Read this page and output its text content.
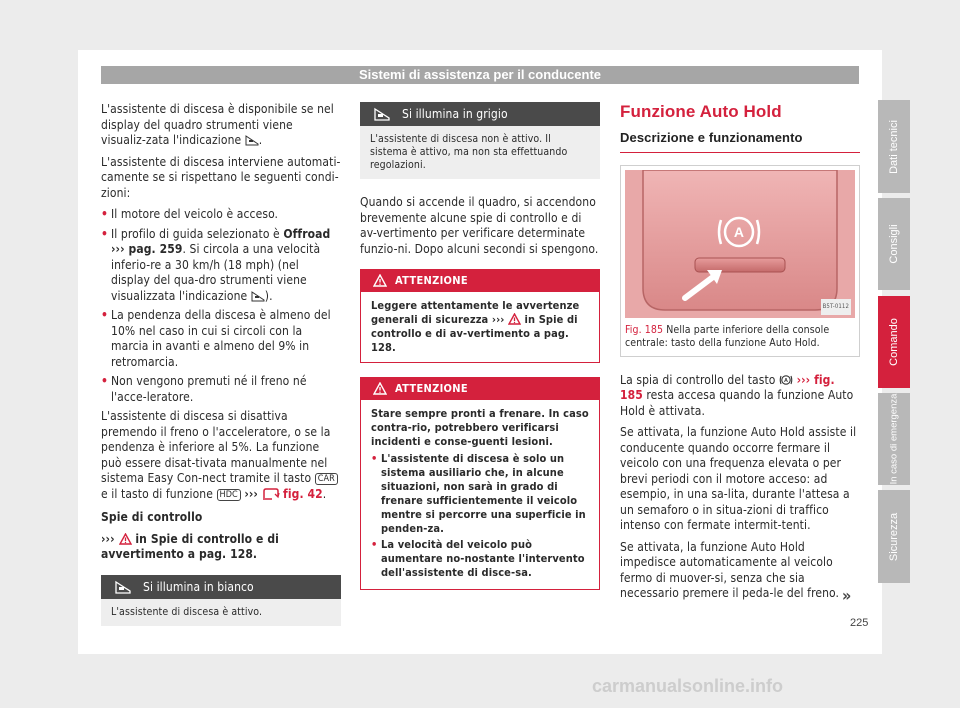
Sistemi di assistenza per il conducente

L'assistente di discesa è disponibile se nel display del quadro strumenti viene visualiz-zata l'indicazione .

L'assistente di discesa interviene automati-camente se si rispettano le seguenti condi-zioni:

• Il motore del veicolo è acceso.
• Il profilo di guida selezionato è Offroad ››› pag. 259. Si circola a una velocità inferio-re a 30 km/h (18 mph) (nel display del qua-dro strumenti viene visualizzata l'indicazione ).
• La pendenza della discesa è almeno del 10% nel caso in cui si circoli con la marcia in avanti e almeno del 9% in retromarcia.
• Non vengono premuti né il freno né l'acce-leratore.

L'assistente di discesa si disattiva premendo il freno o l'acceleratore, o se la pendenza è inferiore al 5%. La funzione può essere disat-tivata manualmente nel sistema Easy Con-nect tramite il tasto CAR e il tasto di funzione HDC ››› fig. 42.

Spie di controllo

››› in Spie di controllo e di avvertimento a pag. 128.

Si illumina in bianco
L'assistente di discesa è attivo.
Si illumina in grigio
L'assistente di discesa non è attivo. Il sistema è attivo, ma non sta effettuando regolazioni.

Quando si accende il quadro, si accendono brevemente alcune spie di controllo e di av-vertimento per verificare determinate funzio-ni. Dopo alcuni secondi si spengono.

ATTENZIONE
Leggere attentamente le avvertenze generali di sicurezza ››› in Spie di controllo e di av-vertimento a pag. 128.
ATTENZIONE

Stare sempre pronti a frenare. In caso contra-rio, potrebbero verificarsi incidenti e conse-guenti lesioni.

• L'assistente di discesa è solo un sistema ausiliario che, in alcune situazioni, non sarà in grado di frenare sufficientemente il veicolo mentre si percorre una superficie in penden-za.
• La velocità del veicolo può aumentare no-nostante l'intervento dell'assistente di disce-sa.
Funzione Auto Hold
Descrizione e funzionamento
A
B5T-0112
Fig. 185 Nella parte inferiore della console centrale: tasto della funzione Auto Hold.

La spia di controllo del tasto A ››› fig. 185 resta accesa quando la funzione Auto Hold è attivata.

Se attivata, la funzione Auto Hold assiste il conducente quando occorre fermare il veicolo con una frequenza elevata o per brevi periodi con il motore acceso: ad esempio, in una sa-lita, durante l'attesa a un semaforo o in situa-zioni di traffico intenso con fermate intermit-tenti.

Se attivata, la funzione Auto Hold impedisce automaticamente al veicolo fermo di muover-si, senza che sia necessario premere il peda-le del freno. »
Dati tecnici
Consigli
Comando
In caso di emergenza
Sicurezza
225
carmanualsonline.info
